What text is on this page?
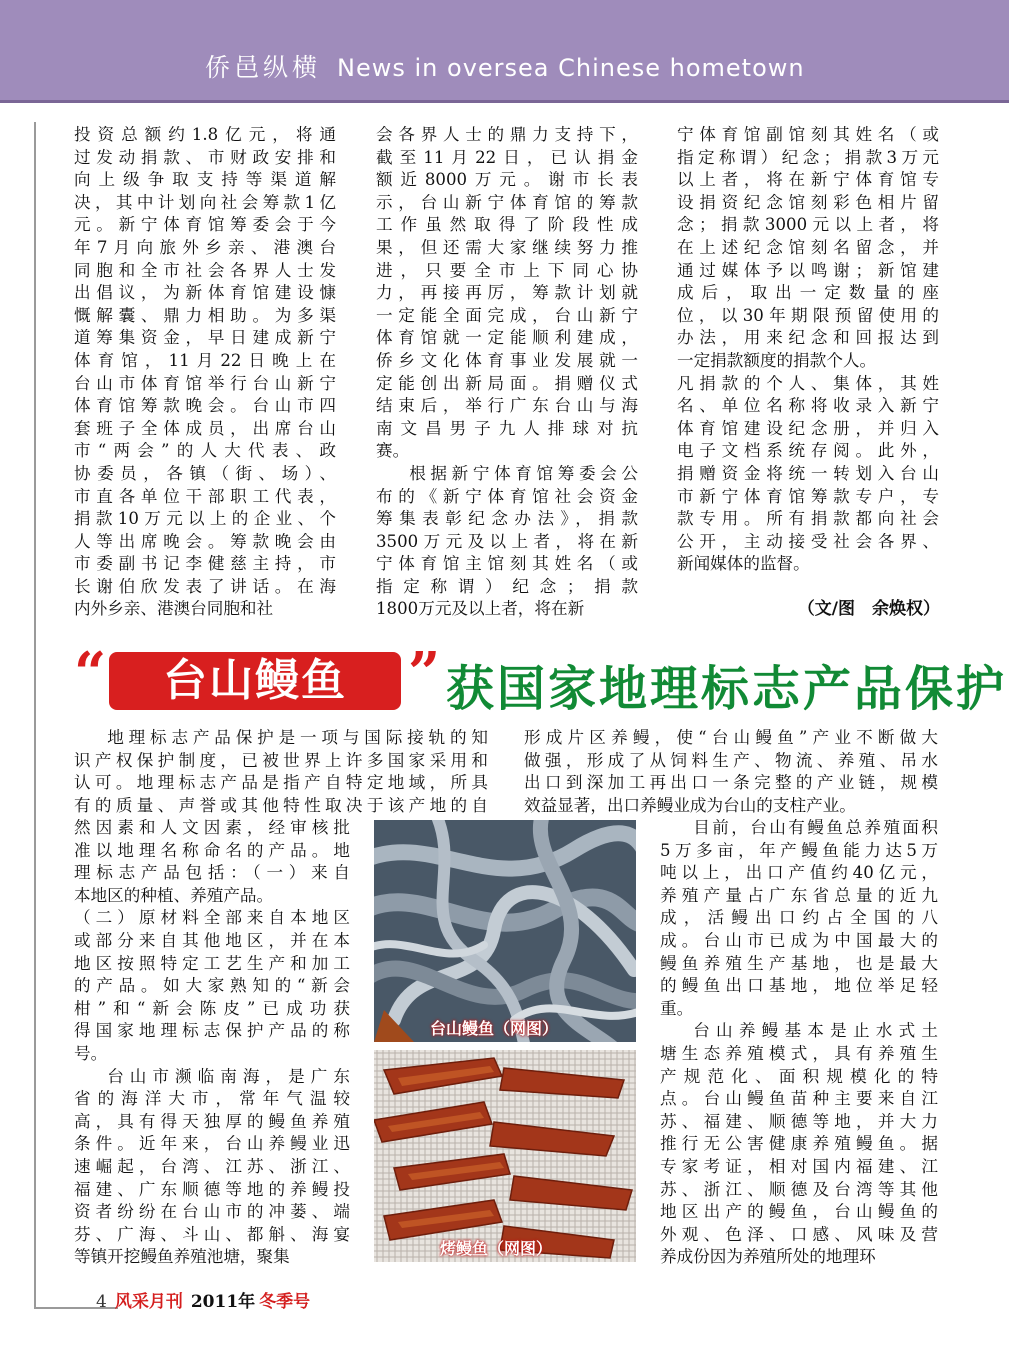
侨邑纵横 News in oversea Chinese hometown
投资总额约1.8亿元，将通
过发动捐款、市财政安排和
向上级争取支持等渠道解
决，其中计划向社会筹款1亿
元。新宁体育馆筹委会于今
年7月向旅外乡亲、港澳台
同胞和全市社会各界人士发
出倡议，为新体育馆建设慷
慨解囊、鼎力相助。为多渠
道筹集资金，早日建成新宁
体育馆，11月22日晚上在
台山市体育馆举行台山新宁
体育馆筹款晚会。台山市四
套班子全体成员，出席台山
市“两会”的人大代表、政
协委员，各镇（街、场）、
市直各单位干部职工代表，
捐款10万元以上的企业、个
人等出席晚会。筹款晚会由
市委副书记李健慈主持，市
长谢伯欣发表了讲话。在海
内外乡亲、港澳台同胞和社
会各界人士的鼎力支持下，
截至11月22日，已认捐金
额近8000万元。谢市长表
示，台山新宁体育馆的筹款
工作虽然取得了阶段性成
果，但还需大家继续努力推
进，只要全市上下同心协
力，再接再厉，筹款计划就
一定能全面完成，台山新宁
体育馆就一定能顺利建成，
侨乡文化体育事业发展就一
定能创出新局面。捐赠仪式
结束后，举行广东台山与海
南文昌男子九人排球对抗
赛。
根据新宁体育馆筹委会公
布的《新宁体育馆社会资金
筹集表彰纪念办法》，捐款
3500万元及以上者，将在新
宁体育馆主馆刻其姓名（或
指定称谓）纪念；捐款
1800万元及以上者，将在新
宁体育馆副馆刻其姓名（或
指定称谓）纪念；捐款3万元
以上者，将在新宁体育馆专
设捐资纪念馆刻彩色相片留
念；捐款3000元以上者，将
在上述纪念馆刻名留念，并
通过媒体予以鸣谢；新馆建
成后，取出一定数量的座
位，以30年期限预留使用的
办法，用来纪念和回报达到
一定捐款额度的捐款个人。
凡捐款的个人、集体，其姓
名、单位名称将收录入新宁
体育馆建设纪念册，并归入
电子文档系统存阅。此外，
捐赠资金将统一转划入台山
市新宁体育馆筹款专户，专
款专用。所有捐款都向社会
公开，主动接受社会各界、
新闻媒体的监督。
（文/图　余焕权）
“	台山鳗鱼	” 获国家地理标志产品保护
地理标志产品保护是一项与国际接轨的知
识产权保护制度，已被世界上许多国家采用和
认可。地理标志产品是指产自特定地域，所具
有的质量、声誉或其他特性取决于该产地的自
然因素和人文因素，经审核批
准以地理名称命名的产品。地
理标志产品包括：（一）来自
本地区的种植、养殖产品。
（二）原材料全部来自本地区
或部分来自其他地区，并在本
地区按照特定工艺生产和加工
的产品。如大家熟知的“新会
柑”和“新会陈皮”已成功获
得国家地理标志保护产品的称
号。
台山市濒临南海，是广东
省的海洋大市，常年气温较
高，具有得天独厚的鳗鱼养殖
条件。近年来，台山养鳗业迅
速崛起，台湾、江苏、浙江、
福建、广东顺德等地的养鳗投
资者纷纷在台山市的冲蒌、端
芬、广海、斗山、都斛、海宴
等镇开挖鳗鱼养殖池塘，聚集
形成片区养鳗，使“台山鳗鱼”产业不断做大
做强，形成了从饲料生产、物流、养殖、吊水
出口到深加工再出口一条完整的产业链，规模
效益显著，出口养鳗业成为台山的支柱产业。
目前，台山有鳗鱼总养殖面积
5万多亩，年产鳗鱼能力达5万
吨以上，出口产值约40亿元，
养殖产量占广东省总量的近九
成，活鳗出口约占全国的八
成。台山市已成为中国最大的
鳗鱼养殖生产基地，也是最大
的鳗鱼出口基地，地位举足轻
重。
台山养鳗基本是止水式土
塘生态养殖模式，具有养殖生
产规范化、面积规模化的特
点。台山鳗鱼苗种主要来自江
苏、福建、顺德等地，并大力
推行无公害健康养殖鳗鱼。据
专家考证，相对国内福建、江
苏、浙江、顺德及台湾等其他
地区出产的鳗鱼，台山鳗鱼的
外观、色泽、口感、风味及营
养成份因为养殖所处的地理环
台山鳗鱼（网图）
烤鳗鱼（网图）
4 风采月刊 2011年 冬季号
